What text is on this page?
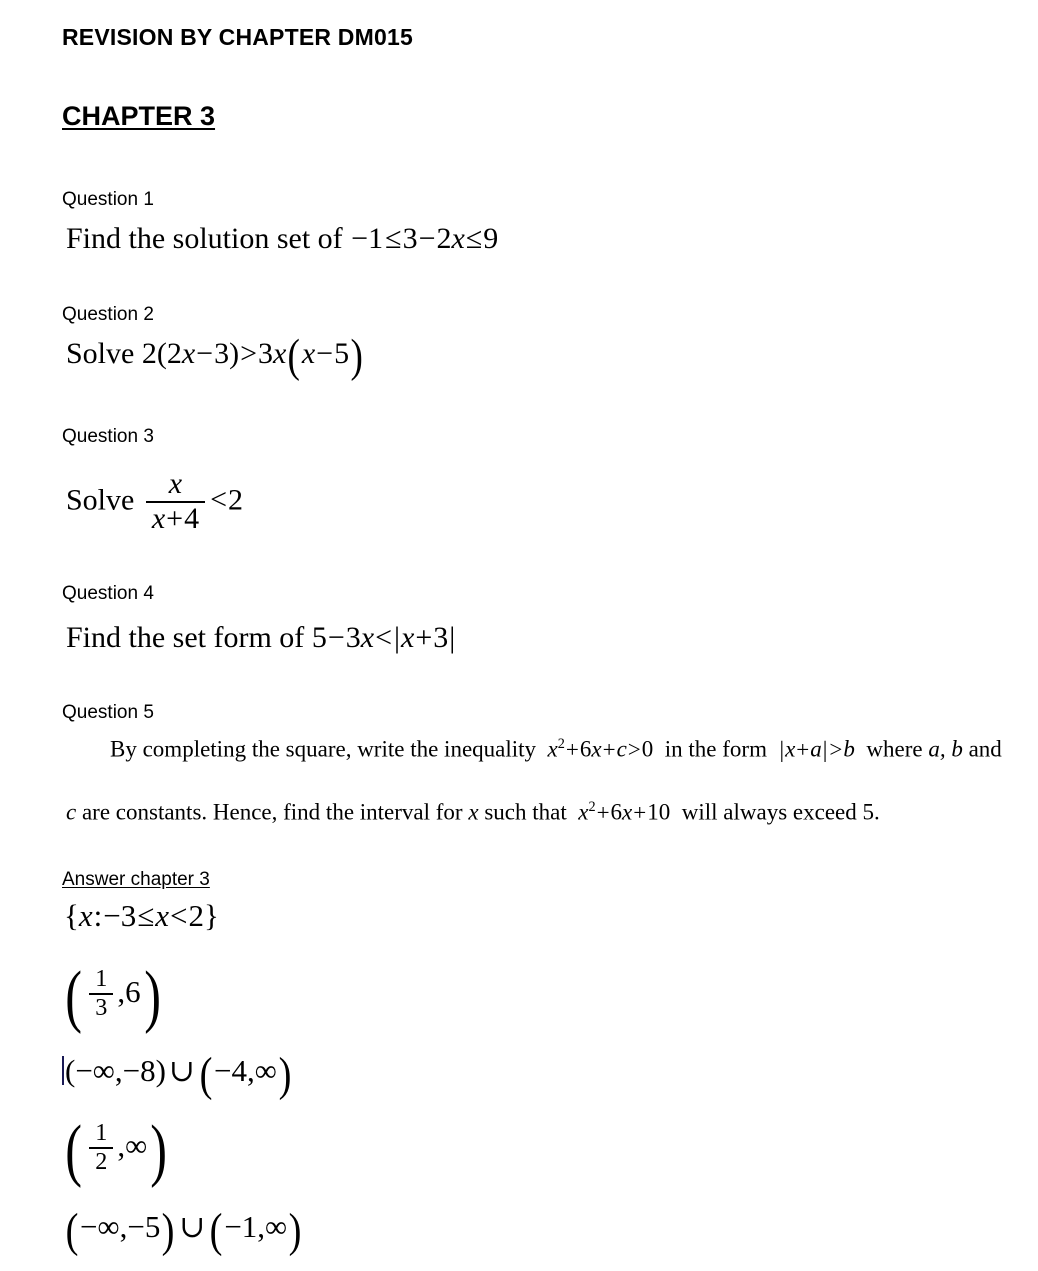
REVISION BY CHAPTER DM015
CHAPTER 3
Question 1
Find the solution set of −1≤3−2x≤9
Question 2
Solve 2(2x−3)>3x(x−5)
Question 3
Solve $\frac{x}{x+4} <2$
Question 4
Find the set form of 5−3x<|x+3|
Question 5
By completing the square, write the inequality $x^2+6x+c>0$ in the form |x+a|>b where a, b and
c are constants. Hence, find the interval for x such that $x^2+6x+10$ will always exceed 5.
Answer chapter 3
{x:−3≤x<2}
( $\frac{1}{3} ,6$)
(−∞,−8)∪(−4,∞)
( $\frac{1}{2}$ ,∞)
(−∞,−5) ∪(−1,∞)
